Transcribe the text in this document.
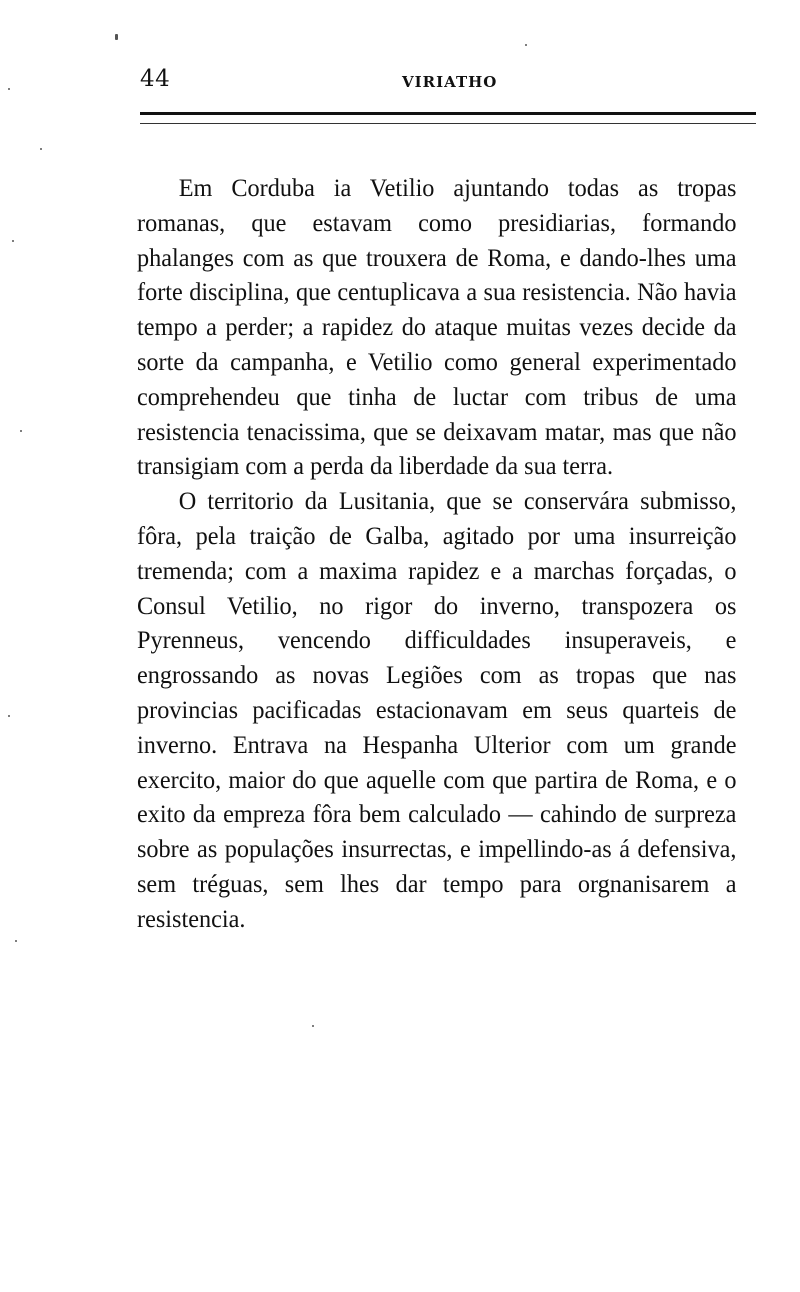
44	VIRIATHO

Em Corduba ia Vetilio ajuntando todas as tropas romanas, que estavam como presidiarias, formando phalanges com as que trouxera de Roma, e dando-lhes uma forte disciplina, que centuplicava a sua resistencia. Não havia tempo a perder; a rapidez do ataque muitas vezes decide da sorte da campanha, e Vetilio como general experimentado comprehendeu que tinha de luctar com tribus de uma resistencia tenacissima, que se deixavam matar, mas que não transigiam com a perda da liberdade da sua terra.

O territorio da Lusitania, que se conservára submisso, fôra, pela traição de Galba, agitado por uma insurreição tremenda; com a maxima rapidez e a marchas forçadas, o Consul Vetilio, no rigor do inverno, transpozera os Pyrenneus, vencendo difficuldades insuperaveis, e engrossando as novas Legiões com as tropas que nas provincias pacificadas estacionavam em seus quarteis de inverno. Entrava na Hespanha Ulterior com um grande exercito, maior do que aquelle com que partira de Roma, e o exito da empreza fôra bem calculado — cahindo de surpreza sobre as populações insurrectas, e impellindo-as á defensiva, sem tréguas, sem lhes dar tempo para orgnanisarem a resistencia.
